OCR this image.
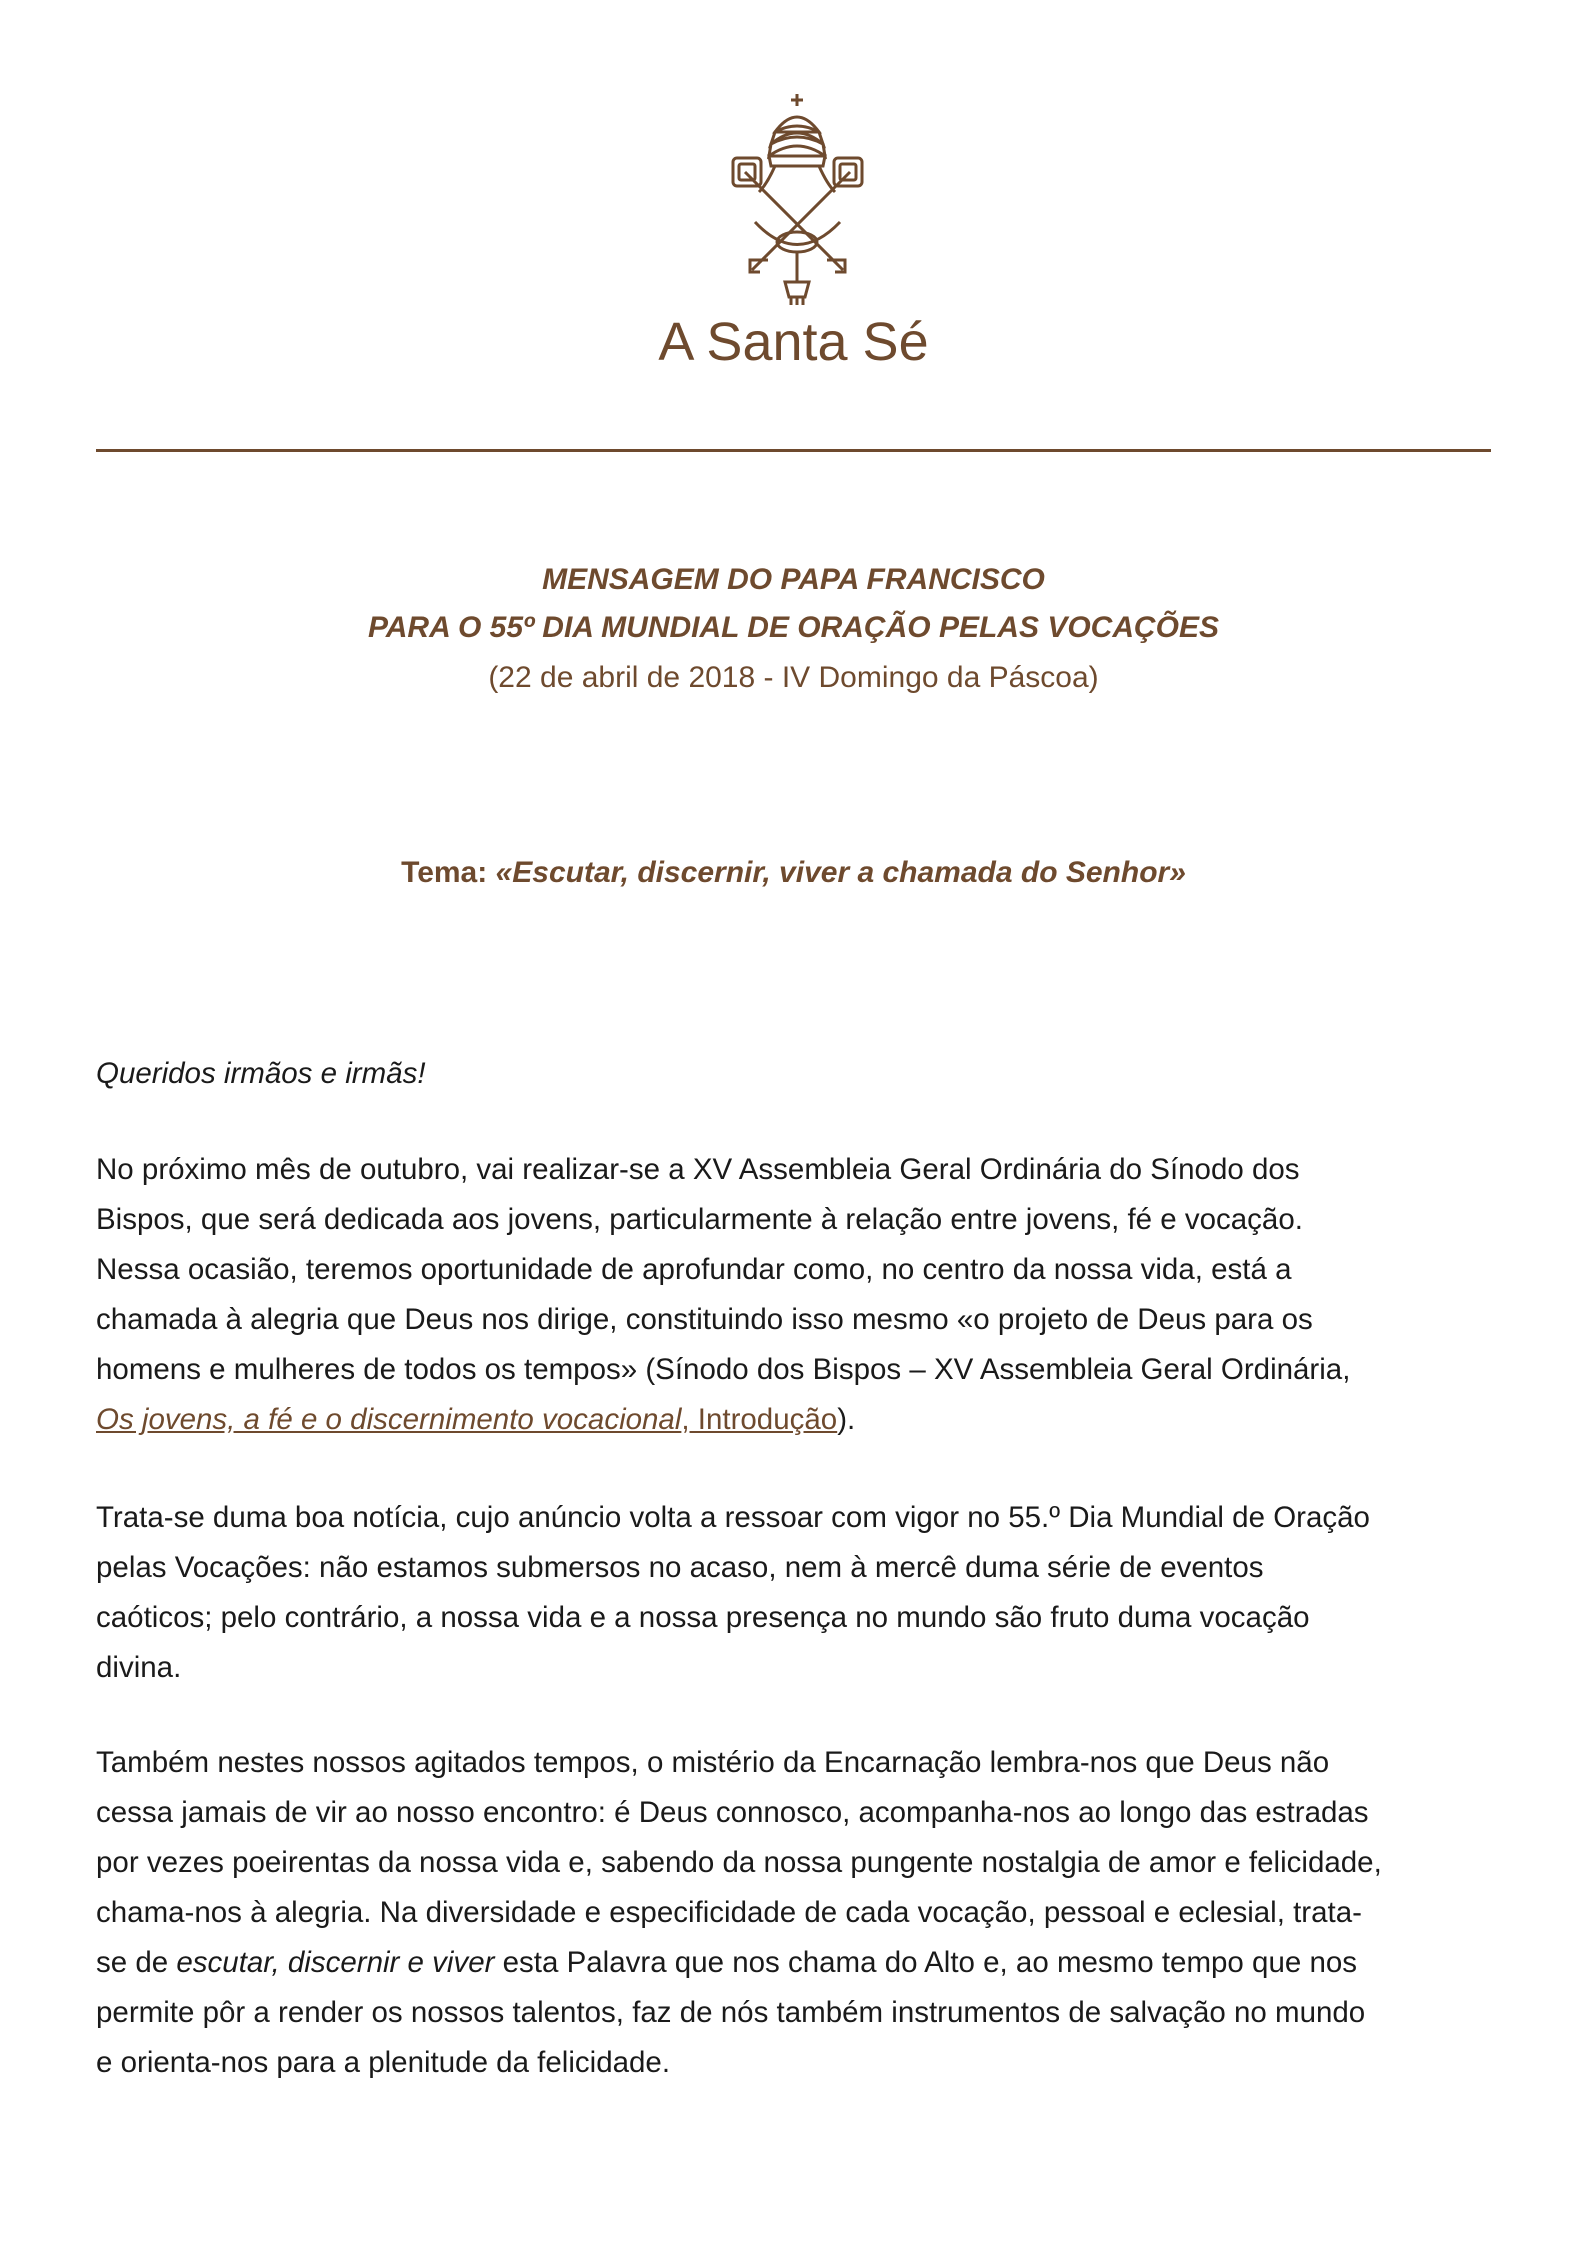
A Santa Sé
MENSAGEM DO PAPA FRANCISCO
PARA O 55º DIA MUNDIAL DE ORAÇÃO PELAS VOCAÇÕES
(22 de abril de 2018 - IV Domingo da Páscoa)
Tema: «Escutar, discernir, viver a chamada do Senhor»
Queridos irmãos e irmãs!
No próximo mês de outubro, vai realizar-se a XV Assembleia Geral Ordinária do Sínodo dos
Bispos, que será dedicada aos jovens, particularmente à relação entre jovens, fé e vocação.
Nessa ocasião, teremos oportunidade de aprofundar como, no centro da nossa vida, está a
chamada à alegria que Deus nos dirige, constituindo isso mesmo «o projeto de Deus para os
homens e mulheres de todos os tempos» (Sínodo dos Bispos – XV Assembleia Geral Ordinária,
Os jovens, a fé e o discernimento vocacional, Introdução).
Trata-se duma boa notícia, cujo anúncio volta a ressoar com vigor no 55.º Dia Mundial de Oração
pelas Vocações: não estamos submersos no acaso, nem à mercê duma série de eventos
caóticos; pelo contrário, a nossa vida e a nossa presença no mundo são fruto duma vocação
divina.
Também nestes nossos agitados tempos, o mistério da Encarnação lembra-nos que Deus não
cessa jamais de vir ao nosso encontro: é Deus connosco, acompanha-nos ao longo das estradas
por vezes poeirentas da nossa vida e, sabendo da nossa pungente nostalgia de amor e felicidade,
chama-nos à alegria. Na diversidade e especificidade de cada vocação, pessoal e eclesial, trata-
se de escutar, discernir e viver esta Palavra que nos chama do Alto e, ao mesmo tempo que nos
permite pôr a render os nossos talentos, faz de nós também instrumentos de salvação no mundo
e orienta-nos para a plenitude da felicidade.
